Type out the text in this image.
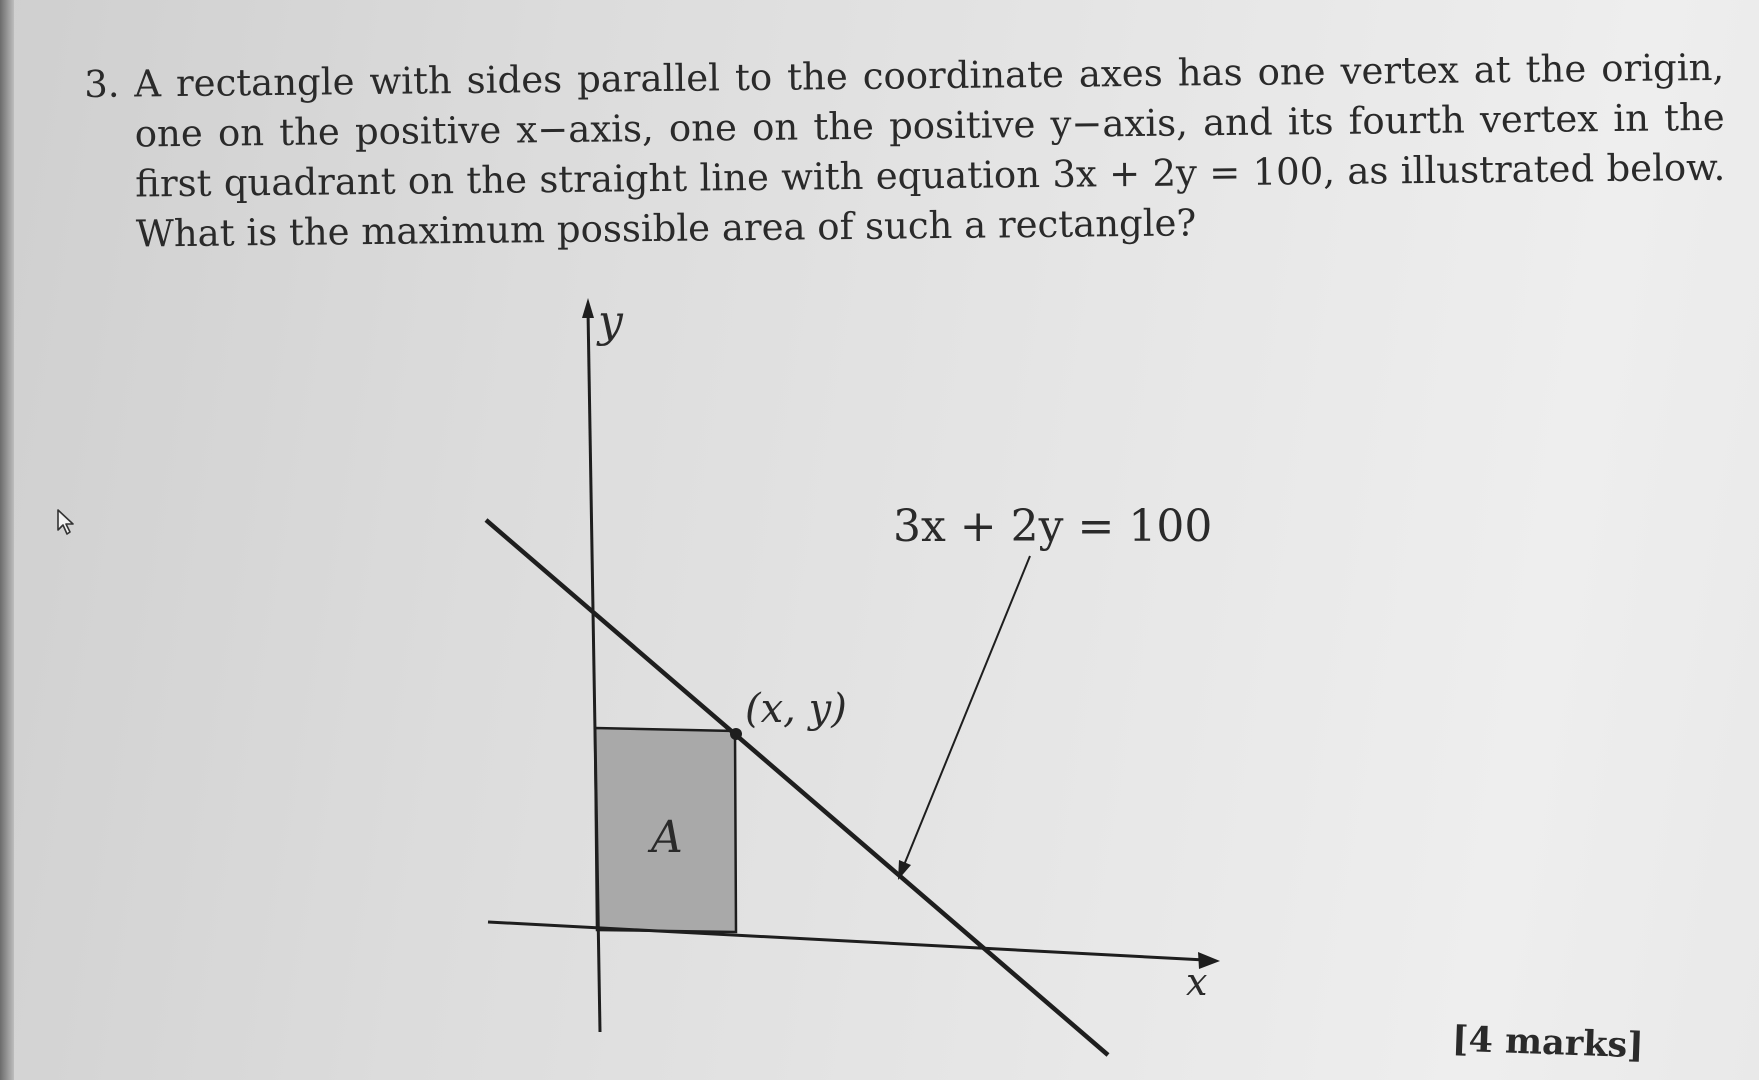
3. A rectangle with sides parallel to the coordinate axes has one vertex at the origin, one on the positive x−axis, one on the positive y−axis, and its fourth vertex in the first quadrant on the straight line with equation 3x + 2y = 100, as illustrated below. What is the maximum possible area of such a rectangle?
y
x
3x + 2y = 100
(x, y)
A
[4 marks]
